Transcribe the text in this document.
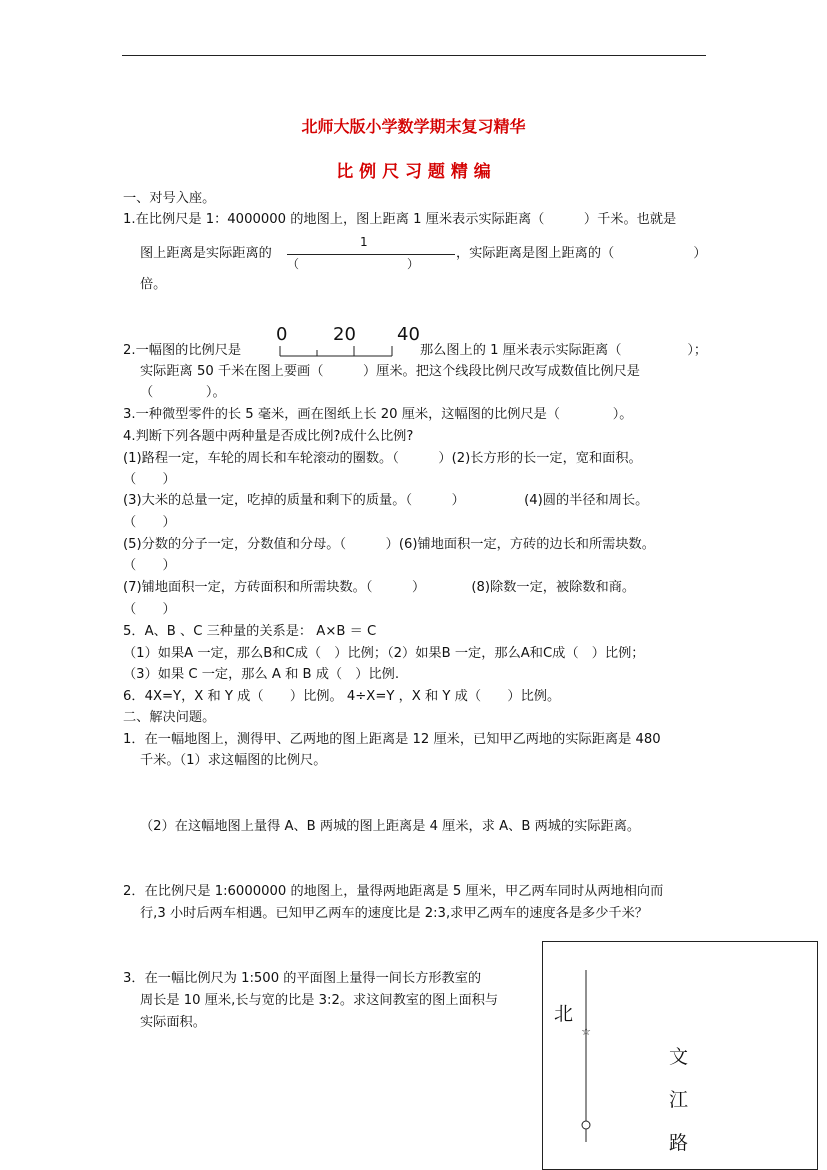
北师大版小学数学期末复习精华
比 例 尺 习 题 精 编
一、对号入座。
1.在比例尺是 1：4000000 的地图上，图上距离 1 厘米表示实际距离（　　　）千米。也就是
图上距离是实际距离的
1
（　　　　　　　　　）
，实际距离是图上距离的（　　　　　　）
倍。
2.一幅图的比例尺是
0	20 40
那么图上的 1 厘米表示实际距离（　　　　　）；
实际距离 50 千米在图上要画（　　　）厘米。把这个线段比例尺改写成数值比例尺是
（　　　　）。
3.一种微型零件的长 5 毫米，画在图纸上长 20 厘米，这幅图的比例尺是（　　　　）。
4.判断下列各题中两种量是否成比例?成什么比例?
(1)路程一定，车轮的周长和车轮滚动的圈数。（　　　）(2)长方形的长一定，宽和面积。
（　　）
(3)大米的总量一定，吃掉的质量和剩下的质量。（　　　）　　　　　(4)圆的半径和周长。
（　　）
(5)分数的分子一定，分数值和分母。（　　　）(6)铺地面积一定，方砖的边长和所需块数。
（　　）
(7)铺地面积一定，方砖面积和所需块数。（　　　）　　　　(8)除数一定，被除数和商。
（　　）
5．A、B 、C 三种量的关系是： A×B ＝ C
（1）如果A 一定，那么B和C成（　）比例；（2）如果B 一定，那么A和C成（　）比例；
（3）如果 C 一定，那么 A 和 B 成（　）比例.
6．4X=Y，X 和 Y 成（　　）比例。 4÷X=Y ，X 和 Y 成（　　）比例。
二、解决问题。
1．在一幅地图上，测得甲、乙两地的图上距离是 12 厘米，已知甲乙两地的实际距离是 480
千米。（1）求这幅图的比例尺。
（2）在这幅地图上量得 A、B 两城的图上距离是 4 厘米，求 A、B 两城的实际距离。
2．在比例尺是 1:6000000 的地图上，量得两地距离是 5 厘米，甲乙两车同时从两地相向而
行,3 小时后两车相遇。已知甲乙两车的速度比是 2:3,求甲乙两车的速度各是多少千米？
3．在一幅比例尺为 1:500 的平面图上量得一间长方形教室的
周长是 10 厘米,长与宽的比是 3:2。求这间教室的图上面积与
实际面积。
☆
北
文
江
路
